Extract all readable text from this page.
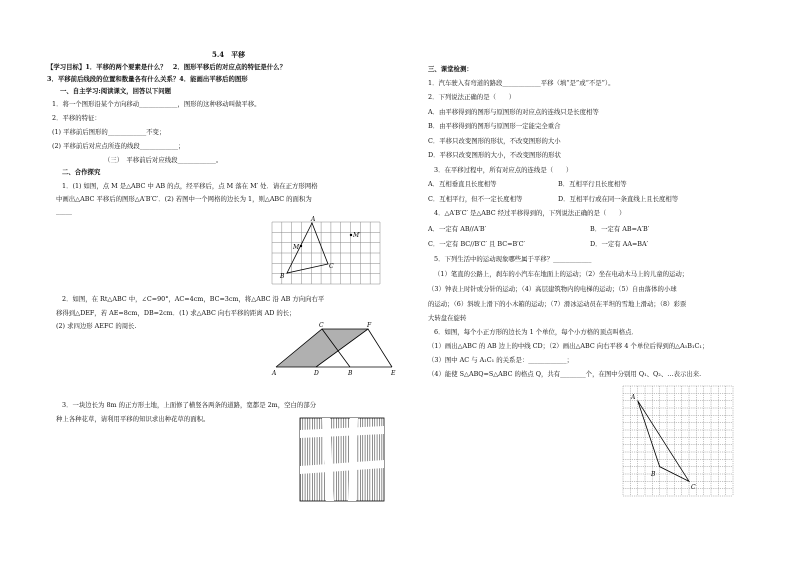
5.4　平移
【学习目标】1．平移的两个要素是什么？　2．图形平移后的对应点的特征是什么？
3．平移前后线段的位置和数量各有什么关系？4．能画出平移后的图形
一、自主学习:阅读课文，回答以下问题
1．将一个图形沿某个方向移动____________，图形的这种移动叫做平移。
2．平移的特征：
(1) 平移前后图形的____________不变；
(2) 平移前后对应点所连的线段____________；
（三）　平移前后对应线段____________。
二、合作探究
1．(1) 如图，点 M 是△ABC 中 AB 的点，经平移后，点 M 落在 M′ 处．请在正方形网格
中画出△ABC 平移后的图形△A′B′C′．(2) 若图中一个网格的边长为 1，则△ABC 的面积为
_____
A
B
C
M
M′
2．如图，在 Rt△ABC 中，∠C=90°，AC=4cm，BC=3cm，将△ABC 沿 AB 方向向右平
移得到△DEF，若 AE=8cm，DB=2cm．(1) 求△ABC 向右平移的距离 AD 的长；
(2) 求四边形 AEFC 的周长.
A	D	B	E
C	F
3．一块边长为 8m 的正方形土地，上面修了横竖各两条的道路，宽都是 2m，空白的部分
种上各种花草，请利用平移的知识求出种花草的面积。
三、课堂检测：
1．汽车驶入有弯道的路段____________平移（填“是”或“不是”）。
2．下列说法正确的是（　　）
A．由平移得到的图形与原图形的对应点的连线只是长度相等
B．由平移得到的图形与原图形一定能完全重合
C．平移只改变图形的形状，不改变图形的大小
D．平移只改变图形的大小，不改变图形的形状
3．在平移过程中，所有对应点的连线是（　　）
A．互相垂直且长度相等	B．互相平行且长度相等
C．互相平行，但不一定长度相等	D．互相平行或在同一条直线上且长度相等
4．△A′B′C′ 是△ABC 经过平移得到的，下列说法正确的是（　　）
A．一定有 AB//A′B′	B．一定有 AB=A′B′
C．一定有 BC//B′C′ 且 BC=B′C′	D．一定有 AA=BA′
5．下列生活中的运动现象哪些属于平移？____________
（1）笔直的公路上，刹车的小汽车在地面上的运动；（2）坐在电动木马上的儿童的运动；
（3）钟表上时针或分针的运动；（4）高层建筑物内的电梯的运动；（5）自由落体的小球
的运动；（6）斜坡上滑下的小木箱的运动；（7）滑冰运动员在平坦的雪地上滑动；（8）彩票
大转盘在旋转
6．如图，每个小正方形的边长为 1 个单位，每个小方格的顶点叫格点．
（1）画出△ABC 的 AB 边上的中线 CD；（2）画出△ABC 向右平移 4 个单位后得到的△A₁B₁C₁；
（3）图中 AC 与 A₁C₁ 的关系是：____________；
（4）能使 S△ABQ=S△ABC 的格点 Q，共有________个，在图中分别用 Q₁、Q₂、…表示出来.
A
B
C
